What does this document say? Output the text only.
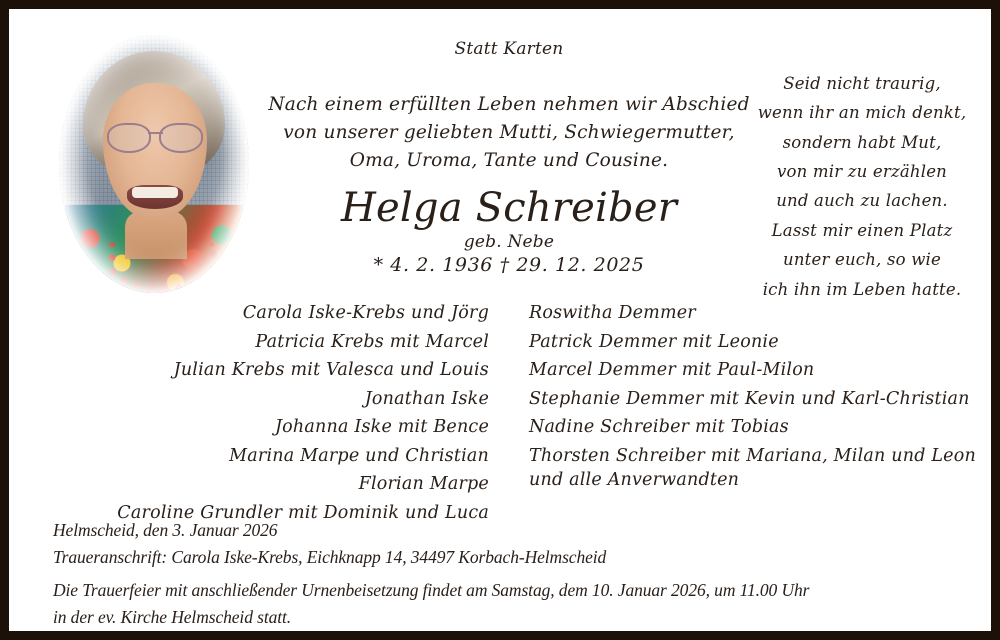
Statt Karten
Nach einem erfüllten Leben nehmen wir Abschied
von unserer geliebten Mutti, Schwiegermutter,
Oma, Uroma, Tante und Cousine.
Helga Schreiber
geb. Nebe
* 4. 2. 1936 † 29. 12. 2025
Seid nicht traurig,
wenn ihr an mich denkt,
sondern habt Mut,
von mir zu erzählen
und auch zu lachen.
Lasst mir einen Platz
unter euch, so wie
ich ihn im Leben hatte.
Carola Iske-Krebs und Jörg
Patricia Krebs mit Marcel
Julian Krebs mit Valesca und Louis
Jonathan Iske
Johanna Iske mit Bence
Marina Marpe und Christian
Florian Marpe
Caroline Grundler mit Dominik und Luca
Roswitha Demmer
Patrick Demmer mit Leonie
Marcel Demmer mit Paul-Milon
Stephanie Demmer mit Kevin und Karl-Christian
Nadine Schreiber mit Tobias
Thorsten Schreiber mit Mariana, Milan und Leon
und alle Anverwandten
Helmscheid, den 3. Januar 2026
Traueranschrift: Carola Iske-Krebs, Eichknapp 14, 34497 Korbach-Helmscheid
Die Trauerfeier mit anschließender Urnenbeisetzung findet am Samstag, dem 10. Januar 2026, um 11.00 Uhr
in der ev. Kirche Helmscheid statt.
